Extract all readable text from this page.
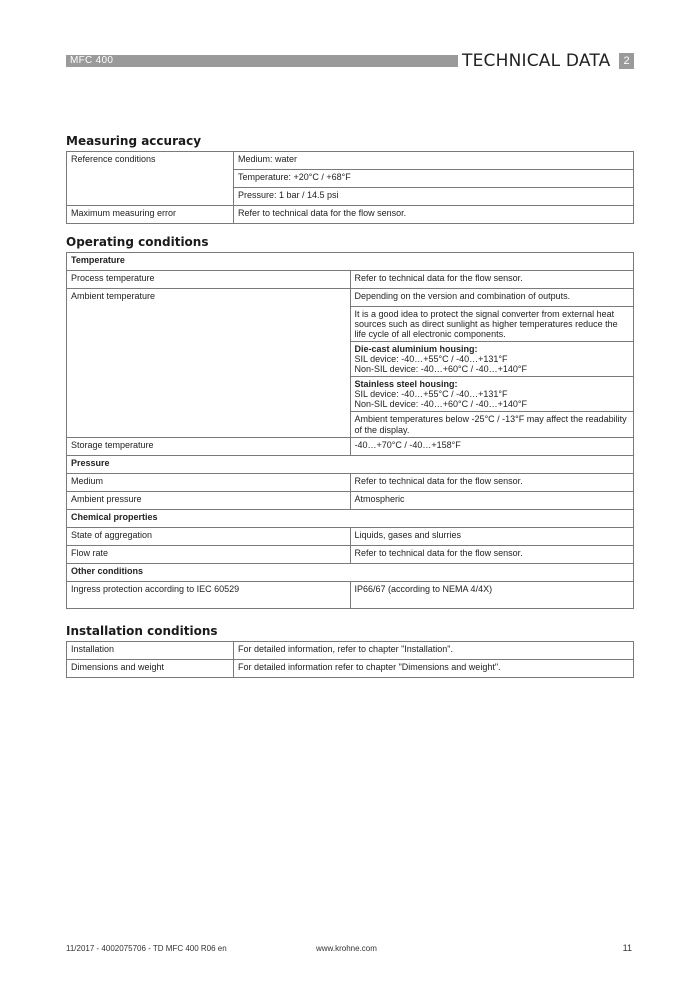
MFC 400	TECHNICAL DATA	2
Measuring accuracy
Reference conditions	Medium: water
	Temperature: +20°C / +68°F
	Pressure: 1 bar / 14.5 psi
Maximum measuring error	Refer to technical data for the flow sensor.
Operating conditions
Temperature	
Process temperature	Refer to technical data for the flow sensor.
Ambient temperature	Depending on the version and combination of outputs.
	It is a good idea to protect the signal converter from external heat sources such as direct sunlight as higher temperatures reduce the life cycle of all electronic components.

	Die-cast aluminium housing:
SIL device: -40…+55°C / -40…+131°F
Non-SIL device: -40…+60°C / -40…+140°F

	Stainless steel housing:
SIL device: -40…+55°C / -40…+131°F
Non-SIL device: -40…+60°C / -40…+140°F

	Ambient temperatures below -25°C / -13°F may affect the readability of the display.
Storage temperature	-40…+70°C / -40…+158°F
Pressure	
Medium	Refer to technical data for the flow sensor.
Ambient pressure	Atmospheric
Chemical properties	
State of aggregation	Liquids, gases and slurries
Flow rate	Refer to technical data for the flow sensor.
Other conditions	
Ingress protection according to IEC 60529	IP66/67 (according to NEMA 4/4X)
Installation conditions
Installation	For detailed information, refer to chapter "Installation".
Dimensions and weight	For detailed information refer to chapter "Dimensions and weight".
11/2017 - 4002075706 - TD MFC 400 R06 en	www.krohne.com	11
